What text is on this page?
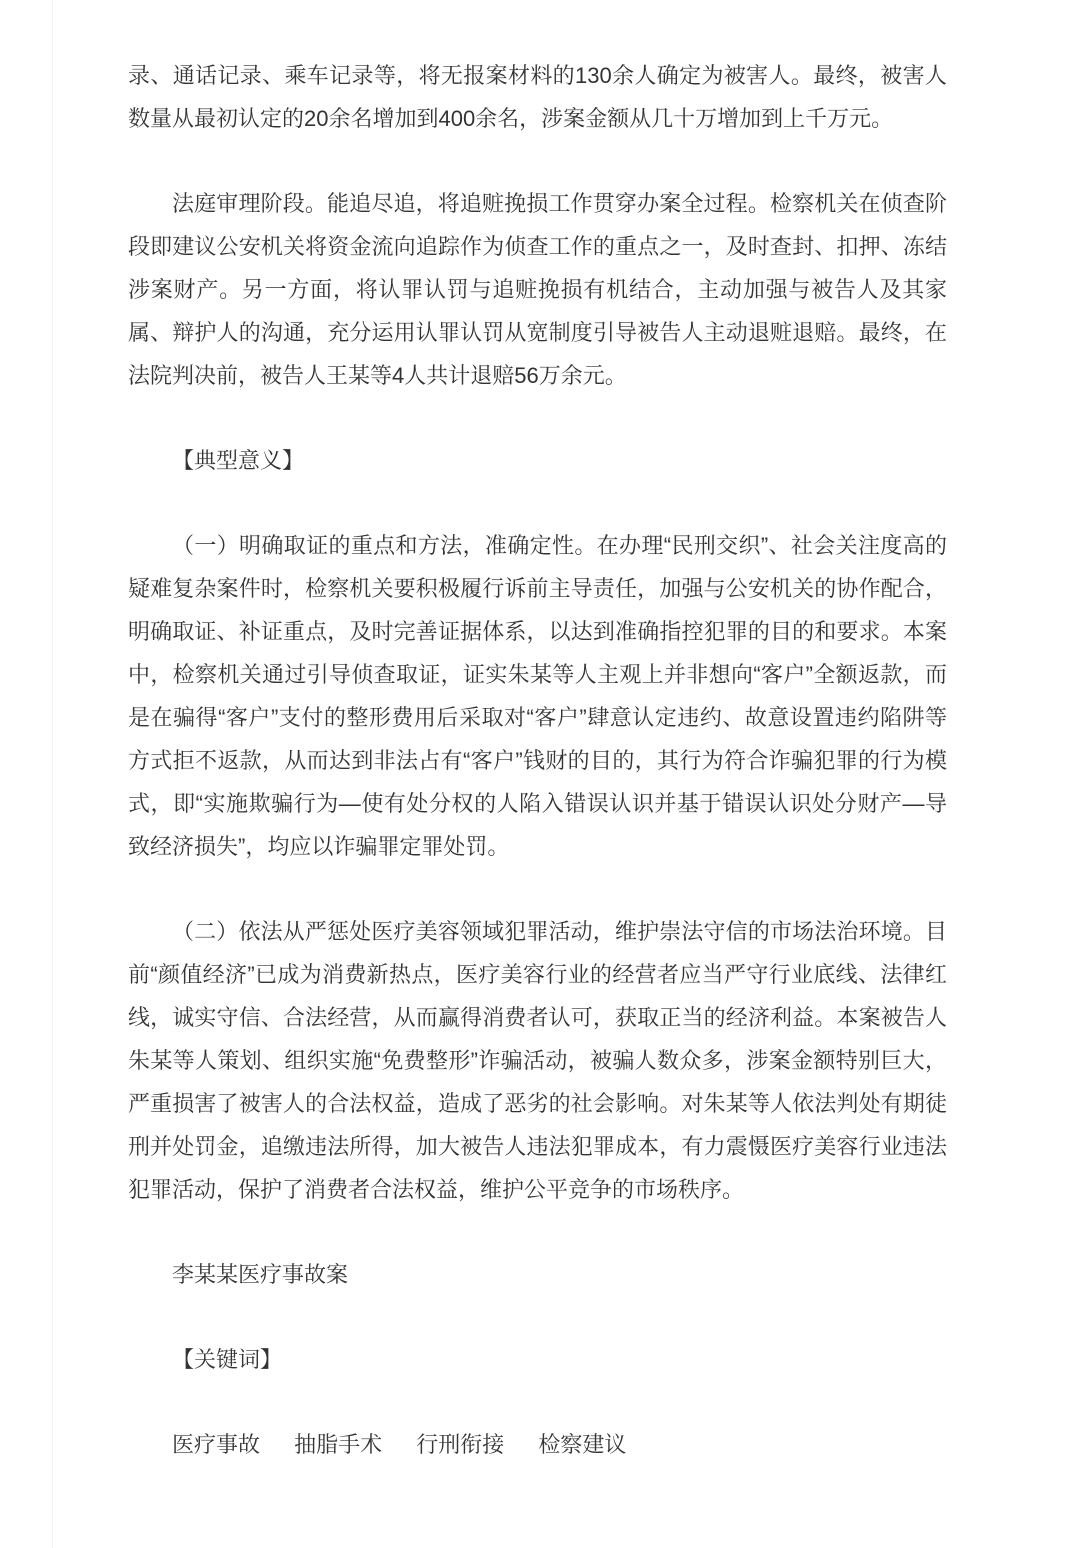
录、通话记录、乘车记录等，将无报案材料的130余人确定为被害人。最终，被害人数量从最初认定的20余名增加到400余名，涉案金额从几十万增加到上千万元。

法庭审理阶段。能追尽追，将追赃挽损工作贯穿办案全过程。检察机关在侦查阶段即建议公安机关将资金流向追踪作为侦查工作的重点之一，及时查封、扣押、冻结涉案财产。另一方面，将认罪认罚与追赃挽损有机结合，主动加强与被告人及其家属、辩护人的沟通，充分运用认罪认罚从宽制度引导被告人主动退赃退赔。最终，在法院判决前，被告人王某等4人共计退赔56万余元。

【典型意义】

（一）明确取证的重点和方法，准确定性。在办理“民刑交织”、社会关注度高的疑难复杂案件时，检察机关要积极履行诉前主导责任，加强与公安机关的协作配合，明确取证、补证重点，及时完善证据体系，以达到准确指控犯罪的目的和要求。本案中，检察机关通过引导侦查取证，证实朱某等人主观上并非想向“客户”全额返款，而是在骗得“客户”支付的整形费用后采取对“客户”肆意认定违约、故意设置违约陷阱等方式拒不返款，从而达到非法占有“客户”钱财的目的，其行为符合诈骗犯罪的行为模式，即“实施欺骗行为—使有处分权的人陷入错误认识并基于错误认识处分财产—导致经济损失”，均应以诈骗罪定罪处罚。

（二）依法从严惩处医疗美容领域犯罪活动，维护崇法守信的市场法治环境。目前“颜值经济”已成为消费新热点，医疗美容行业的经营者应当严守行业底线、法律红线，诚实守信、合法经营，从而赢得消费者认可，获取正当的经济利益。本案被告人朱某等人策划、组织实施“免费整形”诈骗活动，被骗人数众多，涉案金额特别巨大，严重损害了被害人的合法权益，造成了恶劣的社会影响。对朱某等人依法判处有期徒刑并处罚金，追缴违法所得，加大被告人违法犯罪成本，有力震慑医疗美容行业违法犯罪活动，保护了消费者合法权益，维护公平竞争的市场秩序。

李某某医疗事故案

【关键词】

医疗事故 抽脂手术 行刑衔接 检察建议
